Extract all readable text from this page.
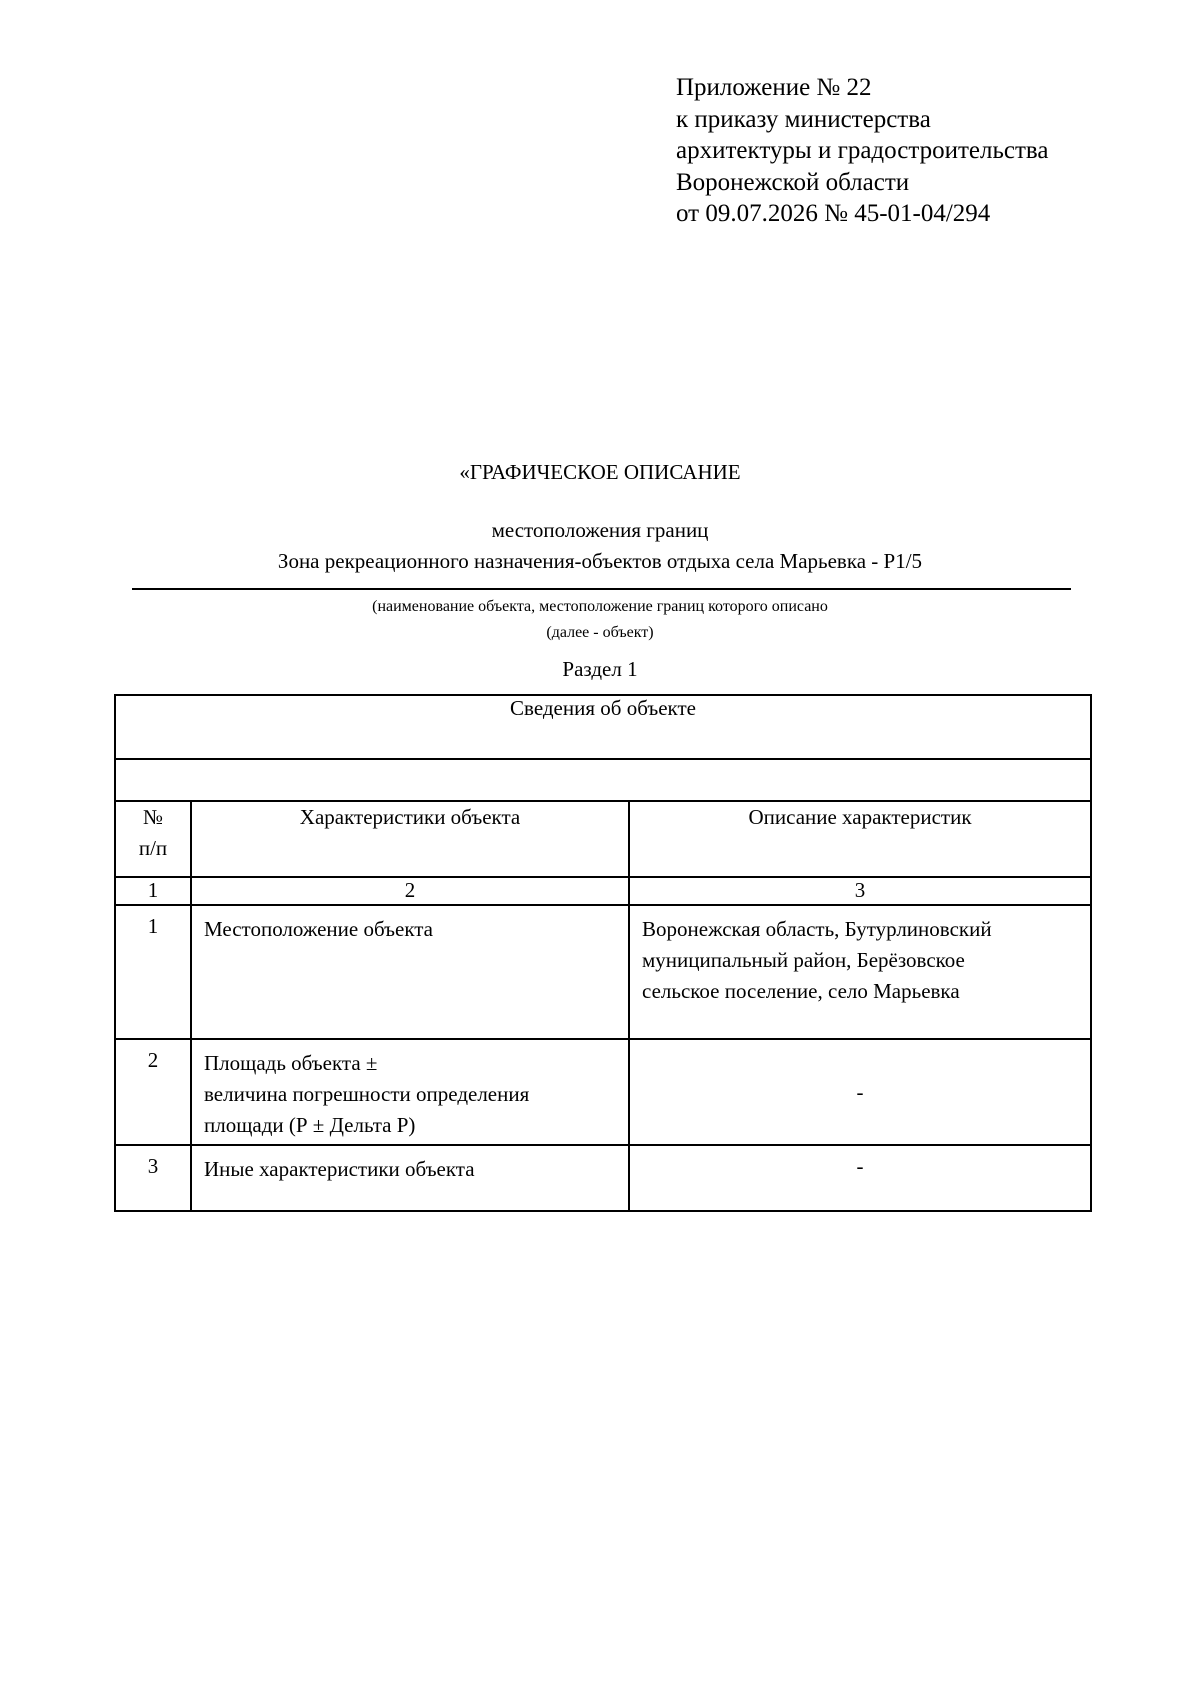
Приложение № 22
к приказу министерства
архитектуры и градостроительства
Воронежской области
от 09.07.2026 № 45-01-04/294
«ГРАФИЧЕСКОЕ ОПИСАНИЕ
местоположения границ
Зона рекреационного назначения-объектов отдыха села Марьевка - Р1/5
(наименование объекта, местоположение границ которого описано
(далее - объект)
Раздел 1
Сведения об объекте		

№
п/п	Характеристики объекта	Описание характеристик
1	2	3
1	Местоположение объекта	Воронежская область, Бутурлиновский
муниципальный район, Берёзовское
сельское поселение, село Марьевка

2	Площадь объекта ±
величина погрешности определения
площади (Р ± Дельта Р)	-
3	Иные характеристики объекта	-
